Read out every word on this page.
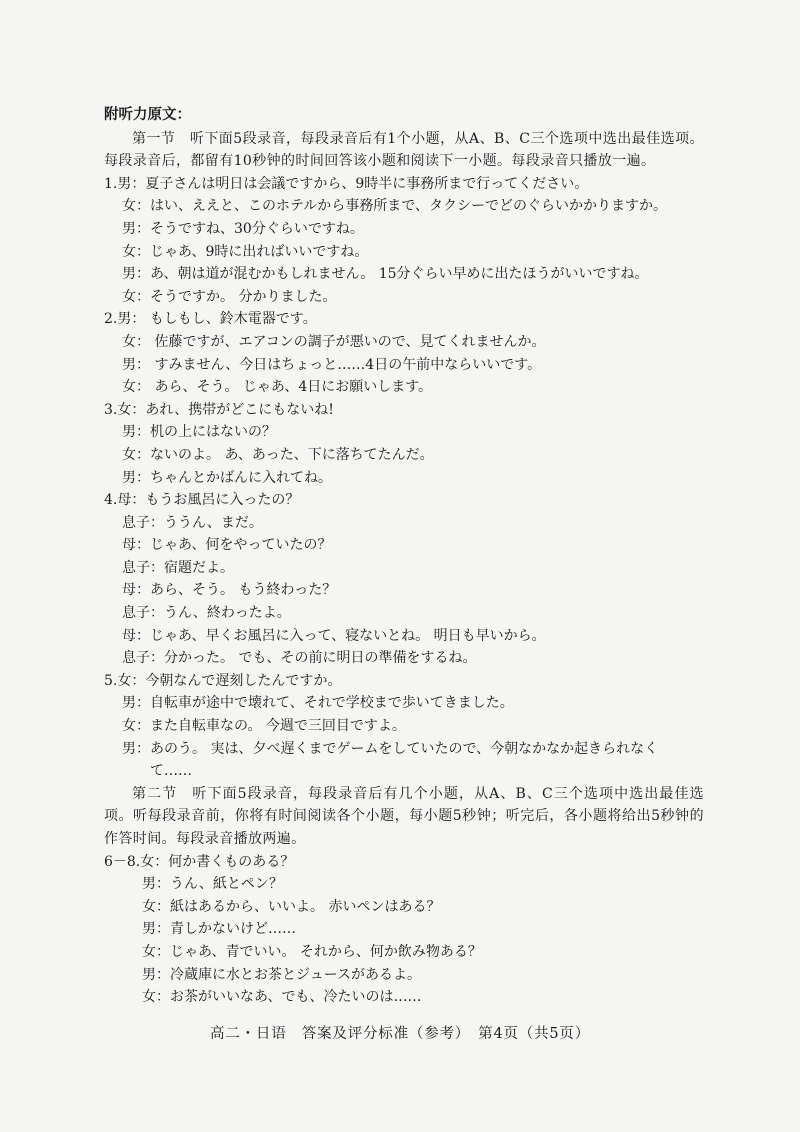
附听力原文：
第一节　听下面5段录音，每段录音后有1个小题，从A、B、C三个选项中选出最佳选项。每段录音后，都留有10秒钟的时间回答该小题和阅读下一小题。每段录音只播放一遍。
1.男：夏子さんは明日は会議ですから、9時半に事務所まで行ってください。
女：はい、ええと、このホテルから事務所まで、タクシーでどのぐらいかかりますか。
男：そうですね、30分ぐらいですね。
女：じゃあ、9時に出ればいいですね。
男：あ、朝は道が混むかもしれません。 15分ぐらい早めに出たほうがいいですね。
女：そうですか。 分かりました。
2.男： もしもし、鈴木電器です。
女： 佐藤ですが、エアコンの調子が悪いので、見てくれませんか。
男： すみません、今日はちょっと……4日の午前中ならいいです。
女： あら、そう。 じゃあ、4日にお願いします。
3.女：あれ、携帯がどこにもないね!
男：机の上にはないの？
女：ないのよ。 あ、あった、下に落ちてたんだ。
男：ちゃんとかばんに入れてね。
4.母：もうお風呂に入ったの？
息子：ううん、まだ。
母：じゃあ、何をやっていたの？
息子：宿題だよ。
母：あら、そう。 もう終わった？
息子：うん、終わったよ。
母：じゃあ、早くお風呂に入って、寝ないとね。 明日も早いから。
息子：分かった。 でも、その前に明日の準備をするね。
5.女：今朝なんで遅刻したんですか。
男：自転車が途中で壊れて、それで学校まで歩いてきました。
女：また自転車なの。 今週で三回目ですよ。
男：あのう。 実は、夕べ遅くまでゲームをしていたので、今朝なかなか起きられなく
　　て……
第二节　听下面5段录音，每段录音后有几个小题，从A、B、C三个选项中选出最佳选项。听每段录音前，你将有时间阅读各个小题，每小题5秒钟；听完后，各小题将给出5秒钟的作答时间。每段录音播放两遍。
6－8.女：何か書くものある？
男：うん、紙とペン？
女：紙はあるから、いいよ。 赤いペンはある？
男：青しかないけど……
女：じゃあ、青でいい。 それから、何か飲み物ある？
男：冷蔵庫に水とお茶とジュースがあるよ。
女：お茶がいいなあ、でも、冷たいのは……
高二・日语　答案及评分标准（参考）　第4页（共5页）
